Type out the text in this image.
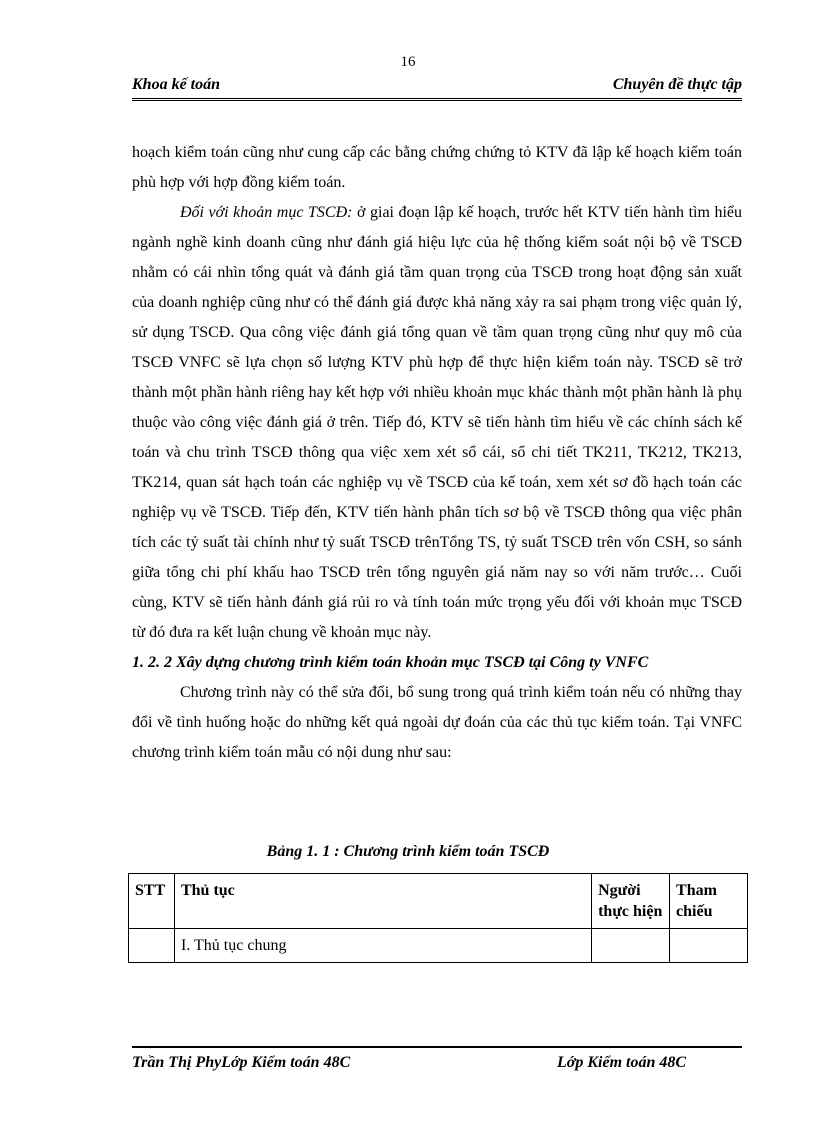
16
Khoa kế toán	Chuyên đề thực tập

hoạch kiểm toán cũng như cung cấp các bằng chứng chứng tỏ KTV đã lập kế hoạch kiểm toán phù hợp với hợp đồng kiểm toán.

Đối với khoản mục TSCĐ: ở giai đoạn lập kế hoạch, trước hết KTV tiến hành tìm hiểu ngành nghề kinh doanh cũng như đánh giá hiệu lực của hệ thống kiểm soát nội bộ về TSCĐ nhằm có cái nhìn tổng quát và đánh giá tầm quan trọng của TSCĐ trong hoạt động sản xuất của doanh nghiệp cũng như có thể đánh giá được khả năng xảy ra sai phạm trong việc quản lý, sử dụng TSCĐ. Qua công việc đánh giá tổng quan về tầm quan trọng cũng như quy mô của TSCĐ VNFC sẽ lựa chọn số lượng KTV phù hợp để thực hiện kiểm toán này. TSCĐ sẽ trở thành một phần hành riêng hay kết hợp với nhiều khoản mục khác thành một phần hành là phụ thuộc vào công việc đánh giá ở trên. Tiếp đó, KTV sẽ tiến hành tìm hiểu về các chính sách kế toán và chu trình TSCĐ thông qua việc xem xét sổ cái, sổ chi tiết TK211, TK212, TK213, TK214, quan sát hạch toán các nghiệp vụ về TSCĐ của kế toán, xem xét sơ đồ hạch toán các nghiệp vụ về TSCĐ. Tiếp đến, KTV tiến hành phân tích sơ bộ về TSCĐ thông qua việc phân tích các tỷ suất tài chính như tỷ suất TSCĐ trênTổng TS, tỷ suất TSCĐ trên vốn CSH, so sánh giữa tổng chi phí khấu hao TSCĐ trên tổng nguyên giá năm nay so với năm trước… Cuối cùng, KTV sẽ tiến hành đánh giá rủi ro và tính toán mức trọng yếu đối với khoản mục TSCĐ từ đó đưa ra kết luận chung về khoản mục này.

1. 2. 2 Xây dựng chương trình kiểm toán khoản mục TSCĐ tại Công ty VNFC

Chương trình này có thể sửa đổi, bổ sung trong quá trình kiểm toán nếu có những thay đổi về tình huống hoặc do những kết quả ngoài dự đoán của các thủ tục kiểm toán. Tại VNFC chương trình kiểm toán mẫu có nội dung như sau:

Bảng 1. 1 : Chương trình kiểm toán TSCĐ
STT	Thủ tục	Người thực hiện	Tham chiếu
	I. Thủ tục chung		
Trần Thị PhyLớp Kiểm toán 48C	Lớp Kiểm toán 48C
